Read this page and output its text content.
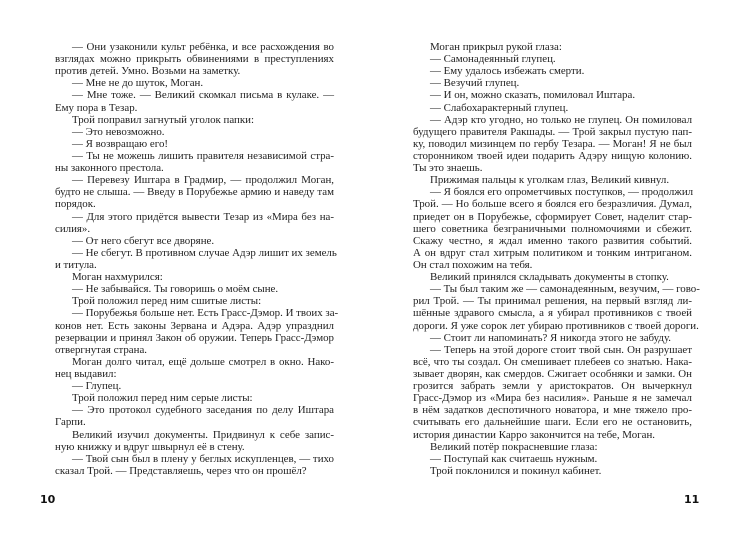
— Они узаконили культ ребёнка, и все расхождения во
взглядах можно прикрыть обвинениями в преступлениях
против детей. Умно. Возьми на заметку.
— Мне не до шуток, Моган.
— Мне тоже. — Великий скомкал письма в кулаке. —
Ему пора в Тезар.
Трой поправил загнутый уголок папки:
— Это невозможно.
— Я возвращаю его!
— Ты не можешь лишить правителя независимой стра-
ны законного престола.
— Перевезу Иштара в Градмир, — продолжил Моган,
будто не слыша. — Введу в Порубежье армию и наведу там
порядок.
— Для этого придётся вывести Тезар из «Мира без на-
силия».
— От него сбегут все дворяне.
— Не сбегут. В противном случае Адэр лишит их земель
и титула.
Моган нахмурился:
— Не забывайся. Ты говоришь о моём сыне.
Трой положил перед ним сшитые листы:
— Порубежья больше нет. Есть Грасс-Дэмор. И твоих за-
конов нет. Есть законы Зервана и Адэра. Адэр упразднил
резервации и принял Закон об оружии. Теперь Грасс-Дэмор
отвергнутая страна.
Моган долго читал, ещё дольше смотрел в окно. Нако-
нец выдавил:
— Глупец.
Трой положил перед ним серые листы:
— Это протокол судебного заседания по делу Иштара
Гарпи.
Великий изучил документы. Придвинул к себе запис-
ную книжку и вдруг швырнул её в стену.
— Твой сын был в плену у беглых искупленцев, — тихо
сказал Трой. — Представляешь, через что он прошёл?
Моган прикрыл рукой глаза:
— Самонадеянный глупец.
— Ему удалось избежать смерти.
— Везучий глупец.
— И он, можно сказать, помиловал Иштара.
— Слабохарактерный глупец.
— Адэр кто угодно, но только не глупец. Он помиловал
будущего правителя Ракшады. — Трой закрыл пустую пап-
ку, поводил мизинцем по гербу Тезара. — Моган! Я не был
сторонником твоей идеи подарить Адэру нищую колонию.
Ты это знаешь.
Прижимая пальцы к уголкам глаз, Великий кивнул.
— Я боялся его опрометчивых поступков, — продолжил
Трой. — Но больше всего я боялся его безразличия. Думал,
приедет он в Порубежье, сформирует Совет, наделит стар-
шего советника безграничными полномочиями и сбежит.
Скажу честно, я ждал именно такого развития событий.
А он вдруг стал хитрым политиком и тонким интриганом.
Он стал похожим на тебя.
Великий принялся складывать документы в стопку.
— Ты был таким же — самонадеянным, везучим, — гово-
рил Трой. — Ты принимал решения, на первый взгляд ли-
шённые здравого смысла, а я убирал противников с твоей
дороги. Я уже сорок лет убираю противников с твоей дороги.
— Стоит ли напоминать? Я никогда этого не забуду.
— Теперь на этой дороге стоит твой сын. Он разрушает
всё, что ты создал. Он смешивает плебеев со знатью. Нака-
зывает дворян, как смердов. Сжигает особняки и замки. Он
грозится забрать земли у аристократов. Он вычеркнул
Грасс-Дэмор из «Мира без насилия». Раньше я не замечал
в нём задатков деспотичного новатора, и мне тяжело про-
считывать его дальнейшие шаги. Если его не остановить,
история династии Карро закончится на тебе, Моган.
Великий потёр покрасневшие глаза:
— Поступай как считаешь нужным.
Трой поклонился и покинул кабинет.
10	11
